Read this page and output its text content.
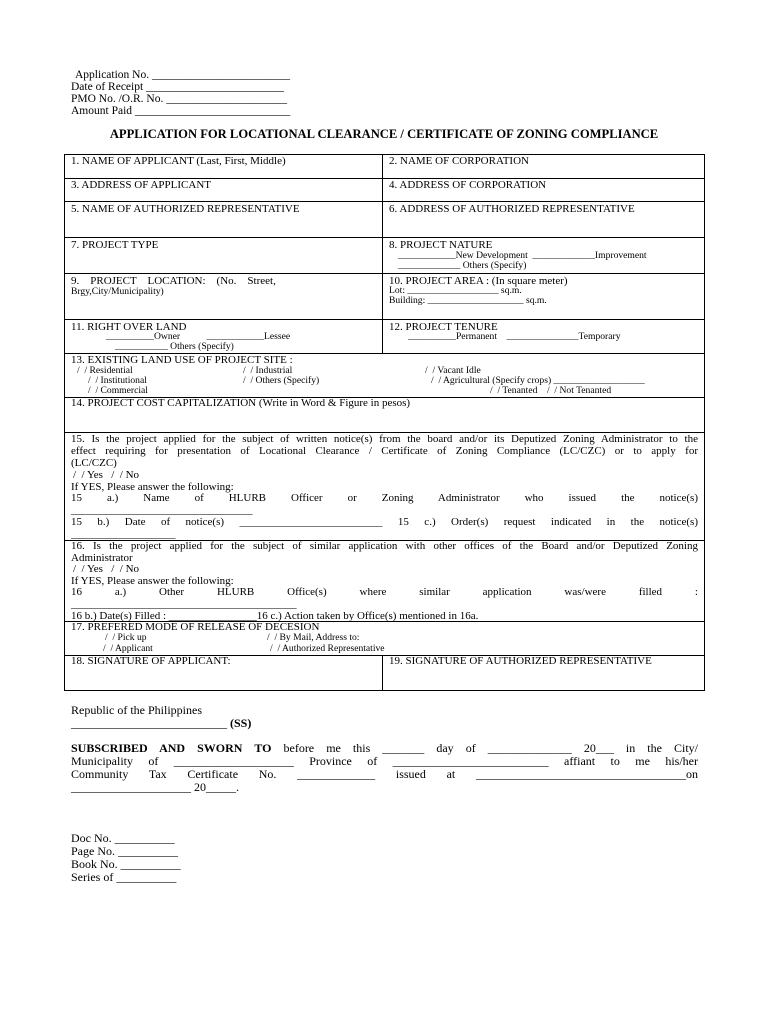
Application No. ________________________
Date of Receipt ________________________
PMO No. /O.R. No. _____________________
Amount Paid ___________________________
APPLICATION FOR LOCATIONAL CLEARANCE / CERTIFICATE OF ZONING COMPLIANCE
1. NAME OF APPLICANT (Last, First, Middle)	2. NAME OF CORPORATION
3. ADDRESS OF APPLICANT	4. ADDRESS OF CORPORATION
5. NAME OF AUTHORIZED REPRESENTATIVE	6. ADDRESS OF AUTHORIZED REPRESENTATIVE
7. PROJECT TYPE	8. PROJECT NATURE
____________New Development  _____________Improvement
_____________ Others (Specify)
9.    PROJECT    LOCATION:    (No.    Street,
Brgy,City/Municipality)
10. PROJECT AREA : (In square meter)
Lot: ___________________ sq.m.
Building: ____________________ sq.m.
11. RIGHT OVER LAND
__________Owner           ____________Lessee
___________ Others (Specify)
12. PROJECT TENURE
__________Permanent    _______________Temporary
13. EXISTING LAND USE OF PROJECT SITE :
/  / Residential	/  / Industrial	/  / Vacant Idle
/  / Institutional	/  / Others (Specify)	/  / Agricultural (Specify crops) ___________________
/  / Commercial	/  / Tenanted    /  / Not Tenanted
14. PROJECT COST CAPITALIZATION (Write in Word & Figure in pesos)
15. Is the project applied for the subject of written notice(s) from the board and/or its Deputized Zoning Administrator to the
effect requiring for presentation of Locational Clearance / Certificate of Zoning Compliance (LC/CZC) or to apply for
(LC/CZC)
/  / Yes   /  / No
If YES, Please answer the following:
15 a.) Name of HLURB Officer or Zoning Administrator who issued the notice(s)
_________________________________
15 b.) Date of notice(s) __________________________ 15 c.) Order(s) request indicated in the notice(s)
___________________
16. Is the project applied for the subject of similar application with other offices of the Board and/or Deputized Zoning
Administrator
/  / Yes   /  / No
If YES, Please answer the following:
16 a.) Other HLURB Office(s) where similar application was/were filled :
_________________________________________
16 b.) Date(s) Filled : ________________16 c.) Action taken by Office(s) mentioned in 16a.
17. PREFERED MODE OF RELEASE OF DECESION
/  / Pick up	/  / By Mail, Address to:
/  / Applicant	/  / Authorized Representative
18. SIGNATURE OF APPLICANT:	19. SIGNATURE OF AUTHORIZED REPRESENTATIVE
Republic of the Philippines
__________________________ (SS)
SUBSCRIBED AND SWORN TO before me this _______ day of ______________ 20___ in the City/
Municipality of ____________________ Province of __________________________ affiant to me his/her
Community Tax Certificate No. _____________ issued at ___________________________________on
____________________ 20_____.
Doc No. __________
Page No. __________
Book No. __________
Series of __________
